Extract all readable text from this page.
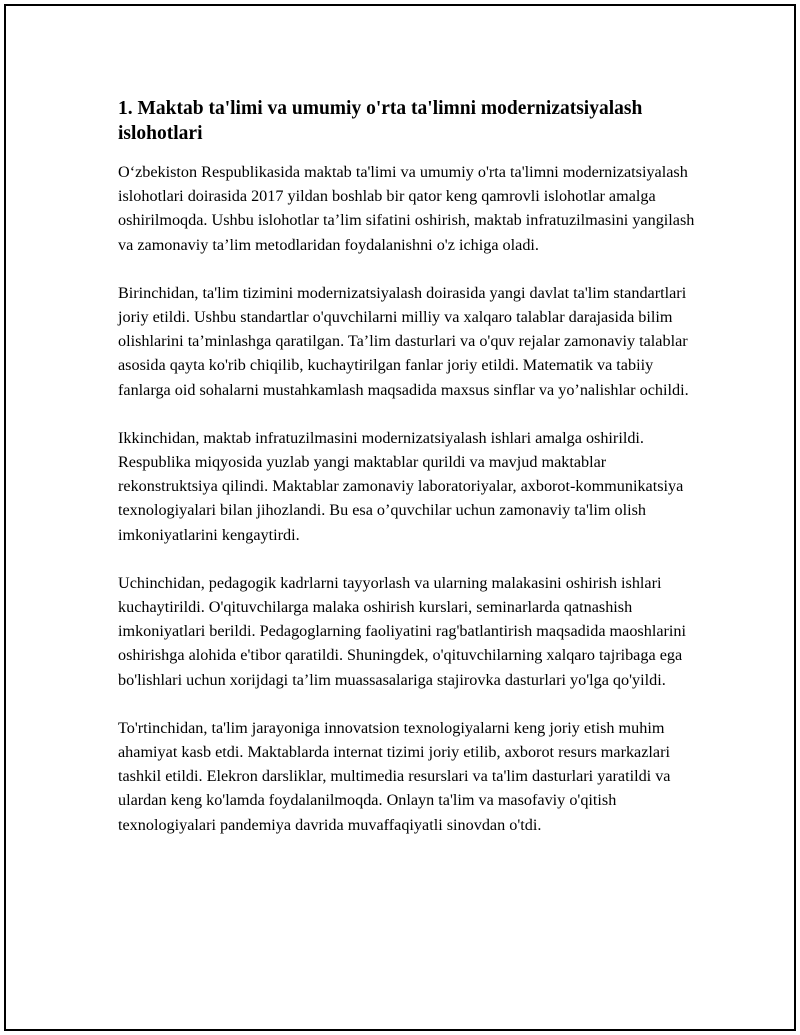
1. Maktab ta'limi va umumiy o'rta ta'limni modernizatsiyalash islohotlari

O‘zbekiston Respublikasida maktab ta'limi va umumiy o'rta ta'limni modernizatsiyalash islohotlari doirasida 2017 yildan boshlab bir qator keng qamrovli islohotlar amalga oshirilmoqda. Ushbu islohotlar ta’lim sifatini oshirish, maktab infratuzilmasini yangilash va zamonaviy ta’lim metodlaridan foydalanishni o'z ichiga oladi.

Birinchidan, ta'lim tizimini modernizatsiyalash doirasida yangi davlat ta'lim standartlari joriy etildi. Ushbu standartlar o'quvchilarni milliy va xalqaro talablar darajasida bilim olishlarini ta’minlashga qaratilgan. Ta’lim dasturlari va o'quv rejalar zamonaviy talablar asosida qayta ko'rib chiqilib, kuchaytirilgan fanlar joriy etildi. Matematik va tabiiy fanlarga oid sohalarni mustahkamlash maqsadida maxsus sinflar va yo’nalishlar ochildi.

Ikkinchidan, maktab infratuzilmasini modernizatsiyalash ishlari amalga oshirildi. Respublika miqyosida yuzlab yangi maktablar qurildi va mavjud maktablar rekonstruktsiya qilindi. Maktablar zamonaviy laboratoriyalar, axborot-kommunikatsiya texnologiyalari bilan jihozlandi. Bu esa o’quvchilar uchun zamonaviy ta'lim olish imkoniyatlarini kengaytirdi.

Uchinchidan, pedagogik kadrlarni tayyorlash va ularning malakasini oshirish ishlari kuchaytirildi. O'qituvchilarga malaka oshirish kurslari, seminarlarda qatnashish imkoniyatlari berildi. Pedagoglarning faoliyatini rag'batlantirish maqsadida maoshlarini oshirishga alohida e'tibor qaratildi. Shuningdek, o'qituvchilarning xalqaro tajribaga ega bo'lishlari uchun xorijdagi ta’lim muassasalariga stajirovka dasturlari yo'lga qo'yildi.

To'rtinchidan, ta'lim jarayoniga innovatsion texnologiyalarni keng joriy etish muhim ahamiyat kasb etdi. Maktablarda internat tizimi joriy etilib, axborot resurs markazlari tashkil etildi. Elekron darsliklar, multimedia resurslari va ta'lim dasturlari yaratildi va ulardan keng ko'lamda foydalanilmoqda. Onlayn ta'lim va masofaviy o'qitish texnologiyalari pandemiya davrida muvaffaqiyatli sinovdan o'tdi.
